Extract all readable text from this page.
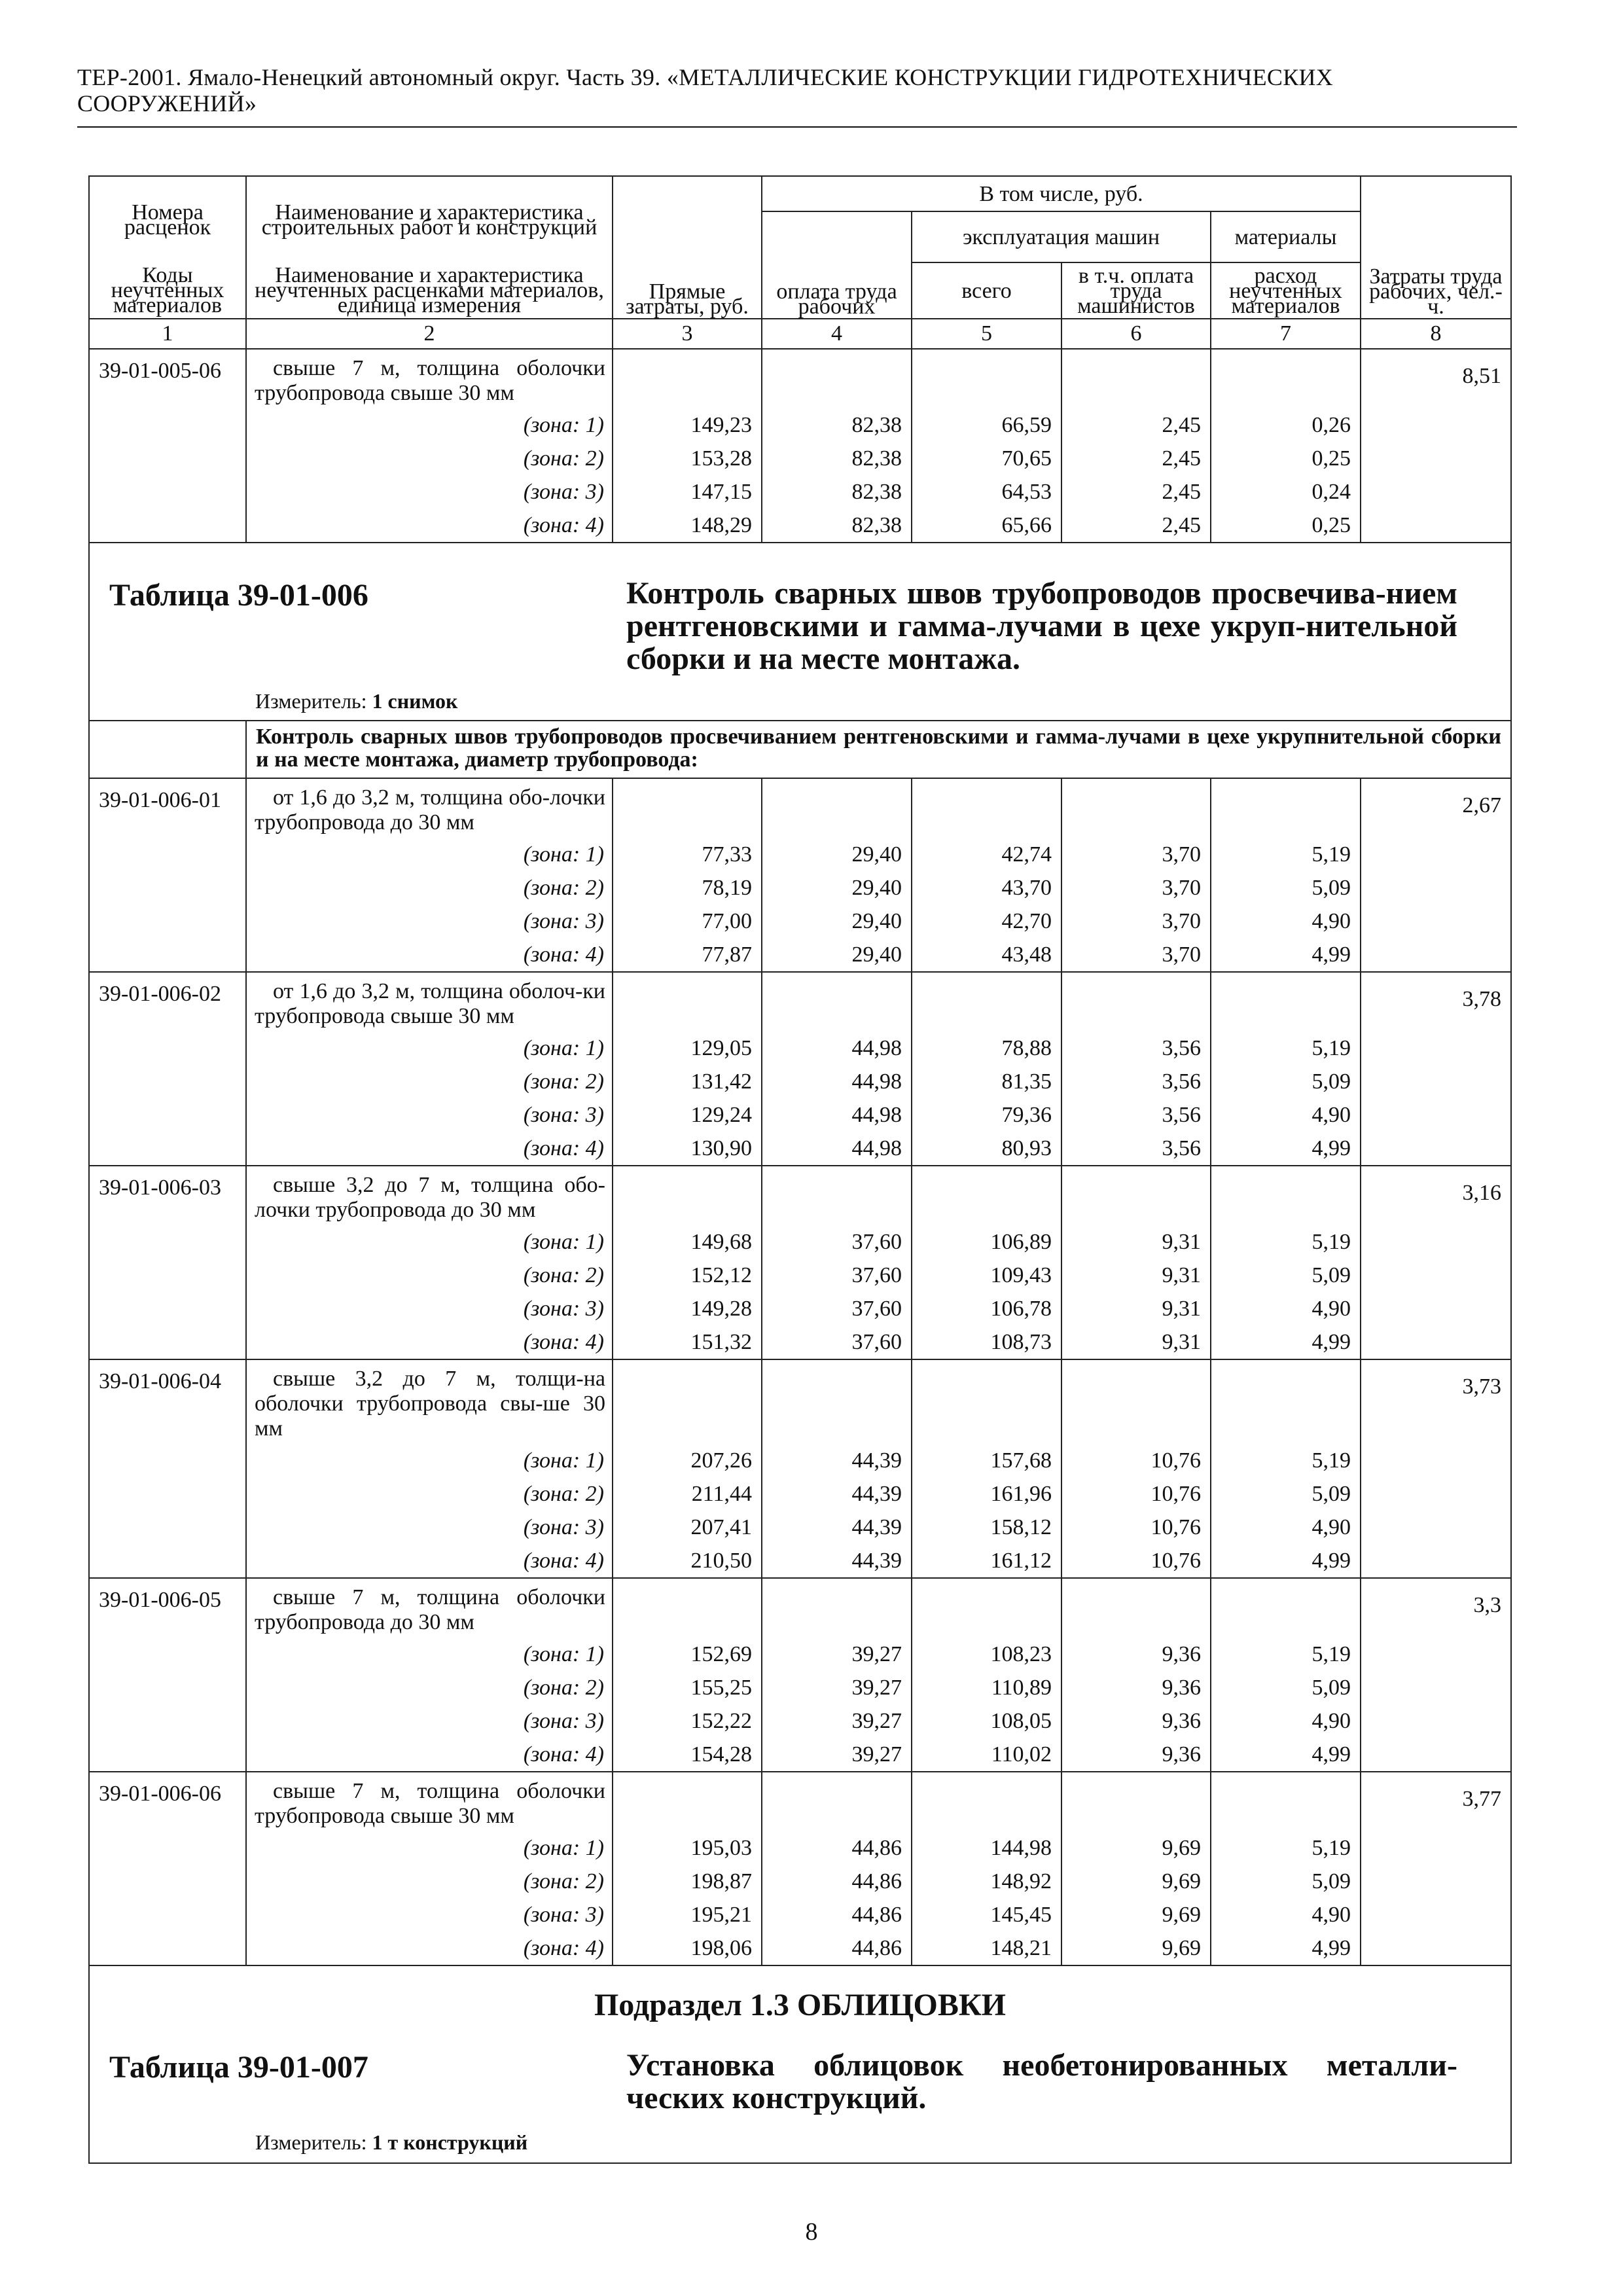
ТЕР-2001. Ямало-Ненецкий автономный округ. Часть 39. «МЕТАЛЛИЧЕСКИЕ КОНСТРУКЦИИ ГИДРОТЕХНИЧЕСКИХ
СООРУЖЕНИЙ»
Номера расценок	Наименование и характеристика строительных работ и конструкций	Прямые затраты, руб.	В том числе, руб.				Затраты труда рабочих, чел.-ч.
			оплата труда рабочих	эксплуатация машин		материалы	
Коды неучтенных материалов	Наименование и характеристика неучтенных расценками материалов, единица измерения			всего	в т.ч. оплата труда машинистов	расход неучтенных материалов	
1	2	3	4	5	6	7	8
39-01-005-06	свыше 7 м, толщина оболочки трубопровода свыше 30 мм						8,51
	(зона: 1)	149,23	82,38	66,59	2,45	0,26	
	(зона: 2)	153,28	82,38	70,65	2,45	0,25	
	(зона: 3)	147,15	82,38	64,53	2,45	0,24	
	(зона: 4)	148,29	82,38	65,66	2,45	0,25	

Таблица 39-01-006 Контроль сварных швов трубопроводов просвечива-нием рентгеновскими и гамма-лучами в цехе укруп-нительной сборки и на месте монтажа.
Измеритель: 1 снимок							

	Контроль сварных швов трубопроводов просвечиванием рентгеновскими и гамма-лучами в цехе укрупнительной сборки и на месте монтажа, диаметр трубопровода:						
39-01-006-01	от 1,6 до 3,2 м, толщина обо-лочки трубопровода до 30 мм						2,67
	(зона: 1)	77,33	29,40	42,74	3,70	5,19	
	(зона: 2)	78,19	29,40	43,70	3,70	5,09	
	(зона: 3)	77,00	29,40	42,70	3,70	4,90	
	(зона: 4)	77,87	29,40	43,48	3,70	4,99	
39-01-006-02	от 1,6 до 3,2 м, толщина оболоч-ки трубопровода свыше 30 мм						3,78
	(зона: 1)	129,05	44,98	78,88	3,56	5,19	
	(зона: 2)	131,42	44,98	81,35	3,56	5,09	
	(зона: 3)	129,24	44,98	79,36	3,56	4,90	
	(зона: 4)	130,90	44,98	80,93	3,56	4,99	
39-01-006-03	свыше 3,2 до 7 м, толщина обо-лочки трубопровода до 30 мм						3,16
	(зона: 1)	149,68	37,60	106,89	9,31	5,19	
	(зона: 2)	152,12	37,60	109,43	9,31	5,09	
	(зона: 3)	149,28	37,60	106,78	9,31	4,90	
	(зона: 4)	151,32	37,60	108,73	9,31	4,99	
39-01-006-04	свыше 3,2 до 7 м, толщи-на оболочки трубопровода свы-ше 30 мм						3,73
	(зона: 1)	207,26	44,39	157,68	10,76	5,19	
	(зона: 2)	211,44	44,39	161,96	10,76	5,09	
	(зона: 3)	207,41	44,39	158,12	10,76	4,90	
	(зона: 4)	210,50	44,39	161,12	10,76	4,99	
39-01-006-05	свыше 7 м, толщина оболочки трубопровода до 30 мм						3,3
	(зона: 1)	152,69	39,27	108,23	9,36	5,19	
	(зона: 2)	155,25	39,27	110,89	9,36	5,09	
	(зона: 3)	152,22	39,27	108,05	9,36	4,90	
	(зона: 4)	154,28	39,27	110,02	9,36	4,99	
39-01-006-06	свыше 7 м, толщина оболочки трубопровода свыше 30 мм						3,77
	(зона: 1)	195,03	44,86	144,98	9,69	5,19	
	(зона: 2)	198,87	44,86	148,92	9,69	5,09	
	(зона: 3)	195,21	44,86	145,45	9,69	4,90	
	(зона: 4)	198,06	44,86	148,21	9,69	4,99	

Подраздел 1.3 ОБЛИЦОВКИ
Таблица 39-01-007 Установка облицовок необетонированных металли-ческих конструкций.
Измеритель: 1 т конструкций							
8
